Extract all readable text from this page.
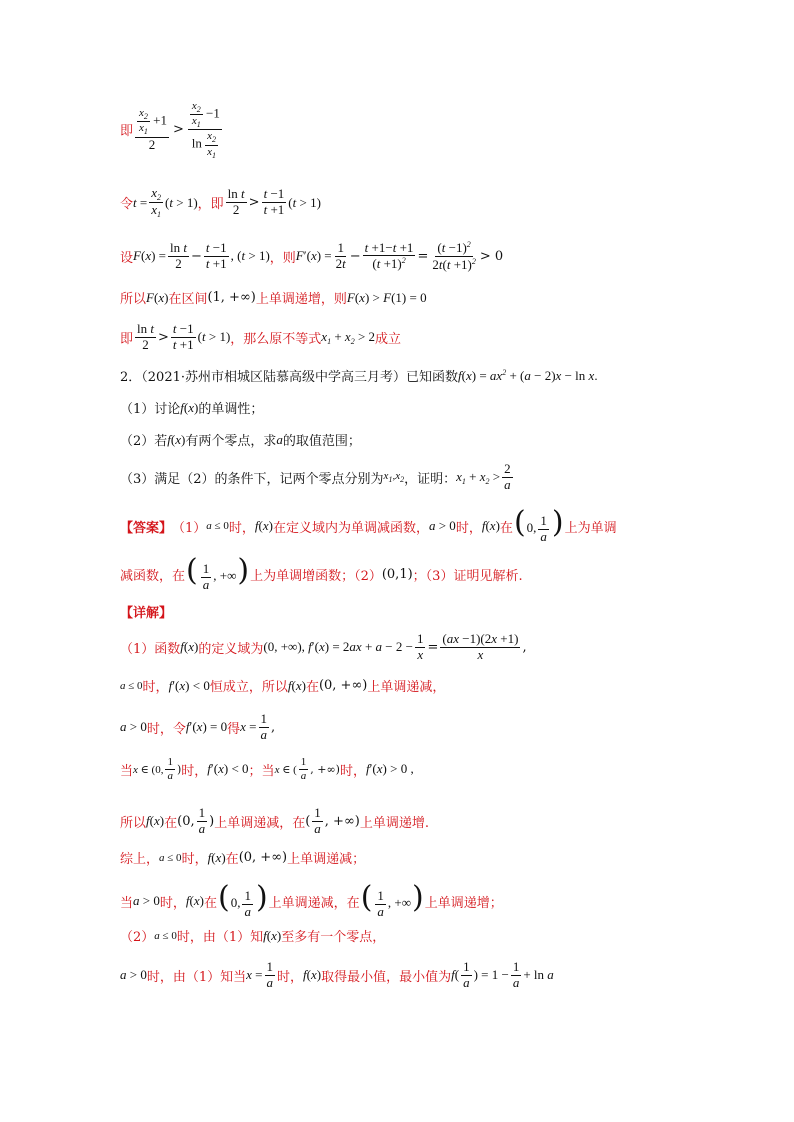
即 $\frac{\frac{x_2}{x_1} +1}{2} > \frac{\frac{x_2}{x_1} -1}{\ln \frac{x_2}{x_1}}$
令 $t = \frac{x_2}{x_1} (t > 1)$ ，即 $\frac{\text{ln t}}{2} > \frac{t -1}{t +1} (t > 1)$
设 $F(x) = \frac{\text{ln t}}{2} - \frac{t -1}{t +1}$ , (t > 1) ，则 $F'(x) = \frac{1}{2t} - \frac{t +1-t +1}{(t +1)^2} = \frac{(t -1)^2}{2t(t +1)^2} > 0$
所以 F(x) 在区间 (1, +∞) 上单调递增，则 F(x) > F(1) = 0
即 $\frac{\text{ln t}}{2} > \frac{t -1}{t +1} (t > 1)$ ，那么原不等式 $x_1 + x_2 > 2$ 成立
2．（2021·苏州市相城区陆慕高级中学高三月考）已知函数 $f(x) = ax^2 + (a - 2)x - \ln x$.
（1）讨论 f(x) 的单调性；
（2）若 f(x) 有两个零点，求 a 的取值范围；
（3）满足（2）的条件下，记两个零点分别为 $x_1,x_2$ ，证明： $x_1 + x_2 > \frac{2}{a}$
【答案】 （1） a ≤ 0 时， f(x) 在定义域内为单调减函数， a > 0 时， f(x) 在 (0, $\frac{1}{a}$ ) 上为单调
减函数，在 ( $\frac{1}{a}$ , +∞) 上为单调增函数；（2） (0,1) ；（3）证明见解析.
【详解】
（1）函数 f(x) 的定义域为 (0, +∞), $f'(x) = 2ax + a - 2 - \frac{1}{x} = \frac{(ax -1)(2x +1)}{x}$ ,
a ≤ 0 时， f′(x) < 0 恒成立，所以 f(x) 在 (0, +∞) 上单调递减，
a > 0 时，令 f′(x) = 0 得 $x = \frac{1}{a}$ ,
当 x ∈ (0, $\frac{1}{a}$ ) 时， f′(x) < 0 ；当 x ∈ ( $\frac{1}{a}$ , +∞) 时， f′(x) > 0 ,
所以 f(x) 在 (0, $\frac{1}{a}$ ) 上单调递减，在 ( $\frac{1}{a}$ , +∞) 上单调递增.
综上， a ≤ 0 时， f(x) 在 (0, +∞) 上单调递减；
当 a > 0 时， f(x) 在 (0, $\frac{1}{a}$ ) 上单调递减，在 ( $\frac{1}{a}$ , +∞) 上单调递增；
（2） a ≤ 0 时，由（1）知 f(x) 至多有一个零点，
a > 0 时，由（1）知当 $x = \frac{1}{a}$ 时， f(x) 取得最小值，最小值为 $f( \frac{1}{a}$ ) = $1 - \frac{1}{a} + \ln a$
